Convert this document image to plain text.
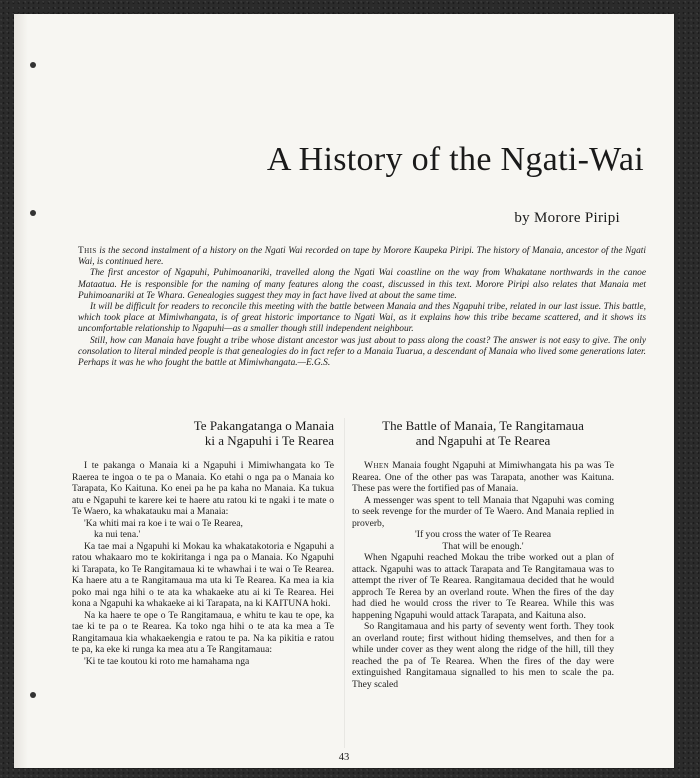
A History of the Ngati-Wai
by Morore Piripi

This is the second instalment of a history on the Ngati Wai recorded on tape by Morore Kaupeka Piripi. The history of Manaia, ancestor of the Ngati Wai, is continued here.

The first ancestor of Ngapuhi, Puhimoanariki, travelled along the Ngati Wai coastline on the way from Whakatane northwards in the canoe Mataatua. He is responsible for the naming of many features along the coast, discussed in this text. Morore Piripi also relates that Manaia met Puhimoanariki at Te Whara. Genealogies suggest they may in fact have lived at about the same time.

It will be difficult for readers to reconcile this meeting with the battle between Manaia and thes Ngapuhi tribe, related in our last issue. This battle, which took place at Mimiwhangata, is of great historic importance to Ngati Wai, as it explains how this tribe became scattered, and it shows its uncomfortable relationship to Ngapuhi—as a smaller though still independent neighbour.

Still, how can Manaia have fought a tribe whose distant ancestor was just about to pass along the coast? The answer is not easy to give. The only consolation to literal minded people is that genealogies do in fact refer to a Manaia Tuarua, a descendant of Manaia who lived some generations later. Perhaps it was he who fought the battle at Mimiwhangata.—E.G.S.

Te Pakangatanga o Manaia
ki a Ngapuhi i Te Rearea

I te pakanga o Manaia ki a Ngapuhi i Mimiwhangata ko Te Raerea te ingoa o te pa o Manaia. Ko etahi o nga pa o Manaia ko Tarapata, Ko Kaituna. Ko enei pa he pa kaha no Manaia. Ka tukua atu e Ngapuhi te karere kei te haere atu ratou ki te ngaki i te mate o Te Waero, ka whakatauku mai a Manaia:

'Ka whiti mai ra koe i te wai o Te Rearea,

ka nui tena.'

Ka tae mai a Ngapuhi ki Mokau ka whakatakotoria e Ngapuhi a ratou whakaaro mo te kokiritanga i nga pa o Manaia. Ko Ngapuhi ki Tarapata, ko Te Rangitamaua ki te whawhai i te wai o Te Rearea. Ka haere atu a te Rangitamaua ma uta ki Te Rearea. Ka mea ia kia poko mai nga hihi o te ata ka whakaeke atu ai ki Te Rearea. Hei kona a Ngapuhi ka whakaeke ai ki Tarapata, na ki KAITUNA hoki.

Na ka haere te ope o Te Rangitamaua, e whitu te kau te ope, ka tae ki te pa o te Rearea. Ka toko nga hihi o te ata ka mea a Te Rangitamaua kia whakaekengia e ratou te pa. Na ka pikitia e ratou te pa, ka eke ki runga ka mea atu a Te Rangitamaua:

'Ki te tae koutou ki roto me hamahama nga

The Battle of Manaia, Te Rangitamaua
and Ngapuhi at Te Rearea

When Manaia fought Ngapuhi at Mimiwhangata his pa was Te Rearea. One of the other pas was Tarapata, another was Kaituna. These pas were the fortified pas of Manaia.

A messenger was spent to tell Manaia that Ngapuhi was coming to seek revenge for the murder of Te Waero. And Manaia replied in proverb,

'If you cross the water of Te Rearea

That will be enough.'

When Ngapuhi reached Mokau the tribe worked out a plan of attack. Ngapuhi was to attack Tarapata and Te Rangitamaua was to attempt the river of Te Rearea. Rangitamaua decided that he would approch Te Rerea by an overland route. When the fires of the day had died he would cross the river to Te Rearea. While this was happening Ngapuhi would attack Tarapata, and Kaituna also.

So Rangitamaua and his party of seventy went forth. They took an overland route; first without hiding themselves, and then for a while under cover as they went along the ridge of the hill, till they reached the pa of Te Rearea. When the fires of the day were extinguished Rangitamaua signalled to his men to scale the pa. They scaled

43
